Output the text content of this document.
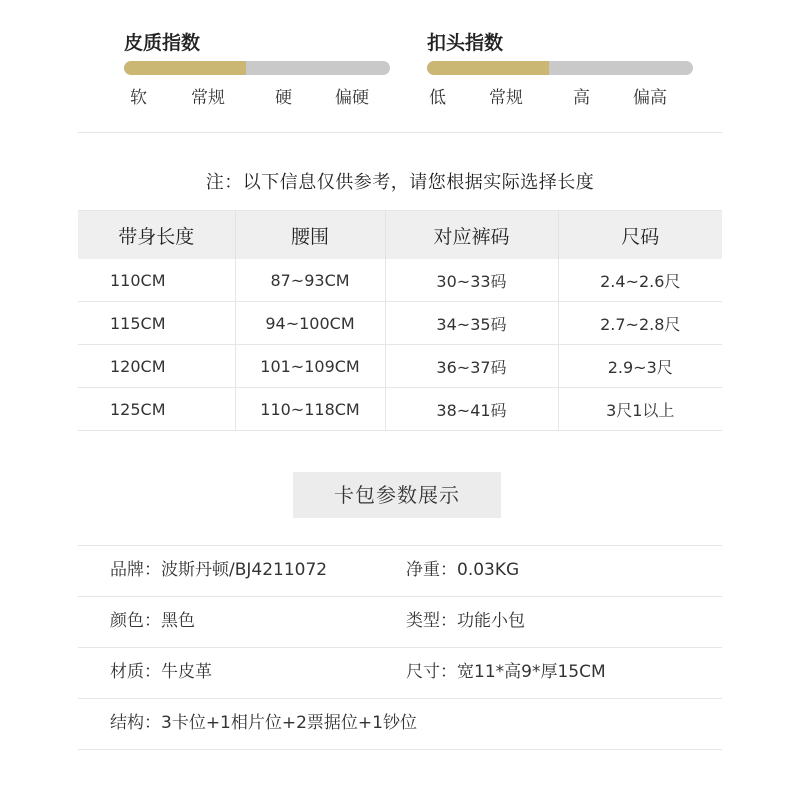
皮质指数
软	常规	硬	偏硬
扣头指数
低	常规	高	偏高
注：以下信息仅供参考，请您根据实际选择长度
带身长度	腰围	对应裤码	尺码
110CM	87~93CM	30~33码	2.4~2.6尺
115CM	94~100CM	34~35码	2.7~2.8尺
120CM	101~109CM	36~37码	2.9~3尺
125CM	110~118CM	38~41码	3尺1以上
卡包参数展示
品牌：波斯丹顿/BJ4211072	净重：0.03KG
颜色：黑色	类型：功能小包
材质：牛皮革	尺寸：宽11*高9*厚15CM
结构：3卡位+1相片位+2票据位+1钞位
